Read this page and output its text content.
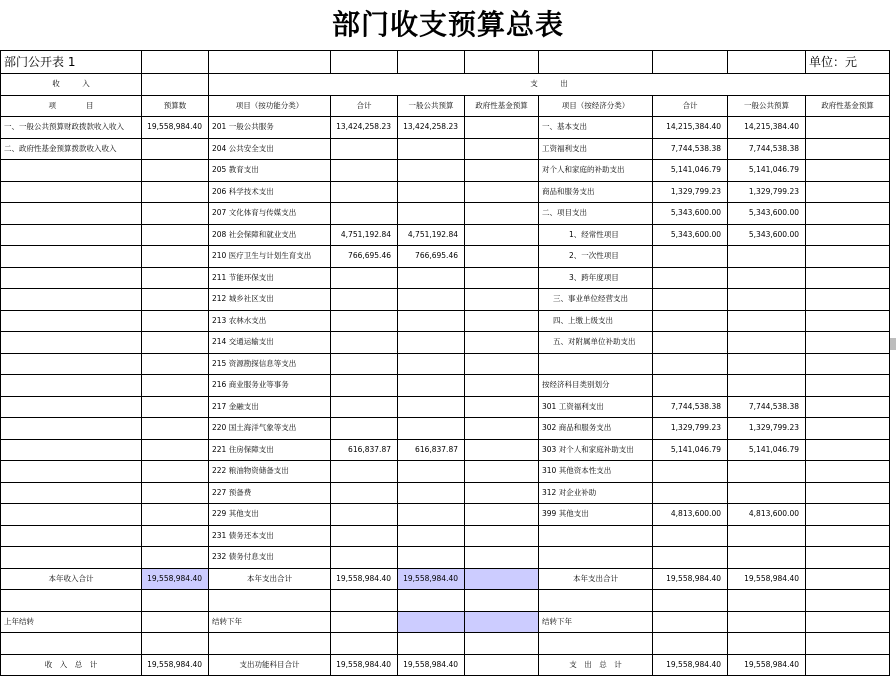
部门收支预算总表
部门公开表 1									单位：元
收　　　入		支　　　出							
项　　　　目	预算数	项目（按功能分类）	合计	一般公共预算	政府性基金预算	项目（按经济分类）	合计	一般公共预算	政府性基金预算
一、一般公共预算财政拨款收入收入	19,558,984.40	201 一般公共服务	13,424,258.23	13,424,258.23		一、基本支出	14,215,384.40	14,215,384.40	
二、政府性基金预算拨款收入收入		204 公共安全支出				工资福利支出	7,744,538.38	7,744,538.38	
		205 教育支出				对个人和家庭的补助支出	5,141,046.79	5,141,046.79	
		206 科学技术支出				商品和服务支出	1,329,799.23	1,329,799.23	
		207 文化体育与传媒支出				二、项目支出	5,343,600.00	5,343,600.00	
		208 社会保障和就业支出	4,751,192.84	4,751,192.84		1、经常性项目	5,343,600.00	5,343,600.00	
		210 医疗卫生与计划生育支出	766,695.46	766,695.46		2、一次性项目			
		211 节能环保支出				3、跨年度项目			
		212 城乡社区支出				三、事业单位经营支出			
		213 农林水支出				四、上缴上级支出			
		214 交通运输支出				五、对附属单位补助支出			
		215 资源勘探信息等支出							
		216 商业服务业等事务				按经济科目类别划分			
		217 金融支出				301 工资福利支出	7,744,538.38	7,744,538.38	
		220 国土海洋气象等支出				302 商品和服务支出	1,329,799.23	1,329,799.23	
		221 住房保障支出	616,837.87	616,837.87		303 对个人和家庭补助支出	5,141,046.79	5,141,046.79	
		222 粮油物资储备支出				310 其他资本性支出			
		227 预备费				312 对企业补助			
		229 其他支出				399 其他支出	4,813,600.00	4,813,600.00	
		231 债务还本支出							
		232 债务付息支出							
本年收入合计	19,558,984.40	本年支出合计	19,558,984.40	19,558,984.40		本年支出合计	19,558,984.40	19,558,984.40	

上年结转		结转下年				结转下年			

收　入　总　计	19,558,984.40	支出功能科目合计	19,558,984.40	19,558,984.40		支　出　总　计	19,558,984.40	19,558,984.40	
